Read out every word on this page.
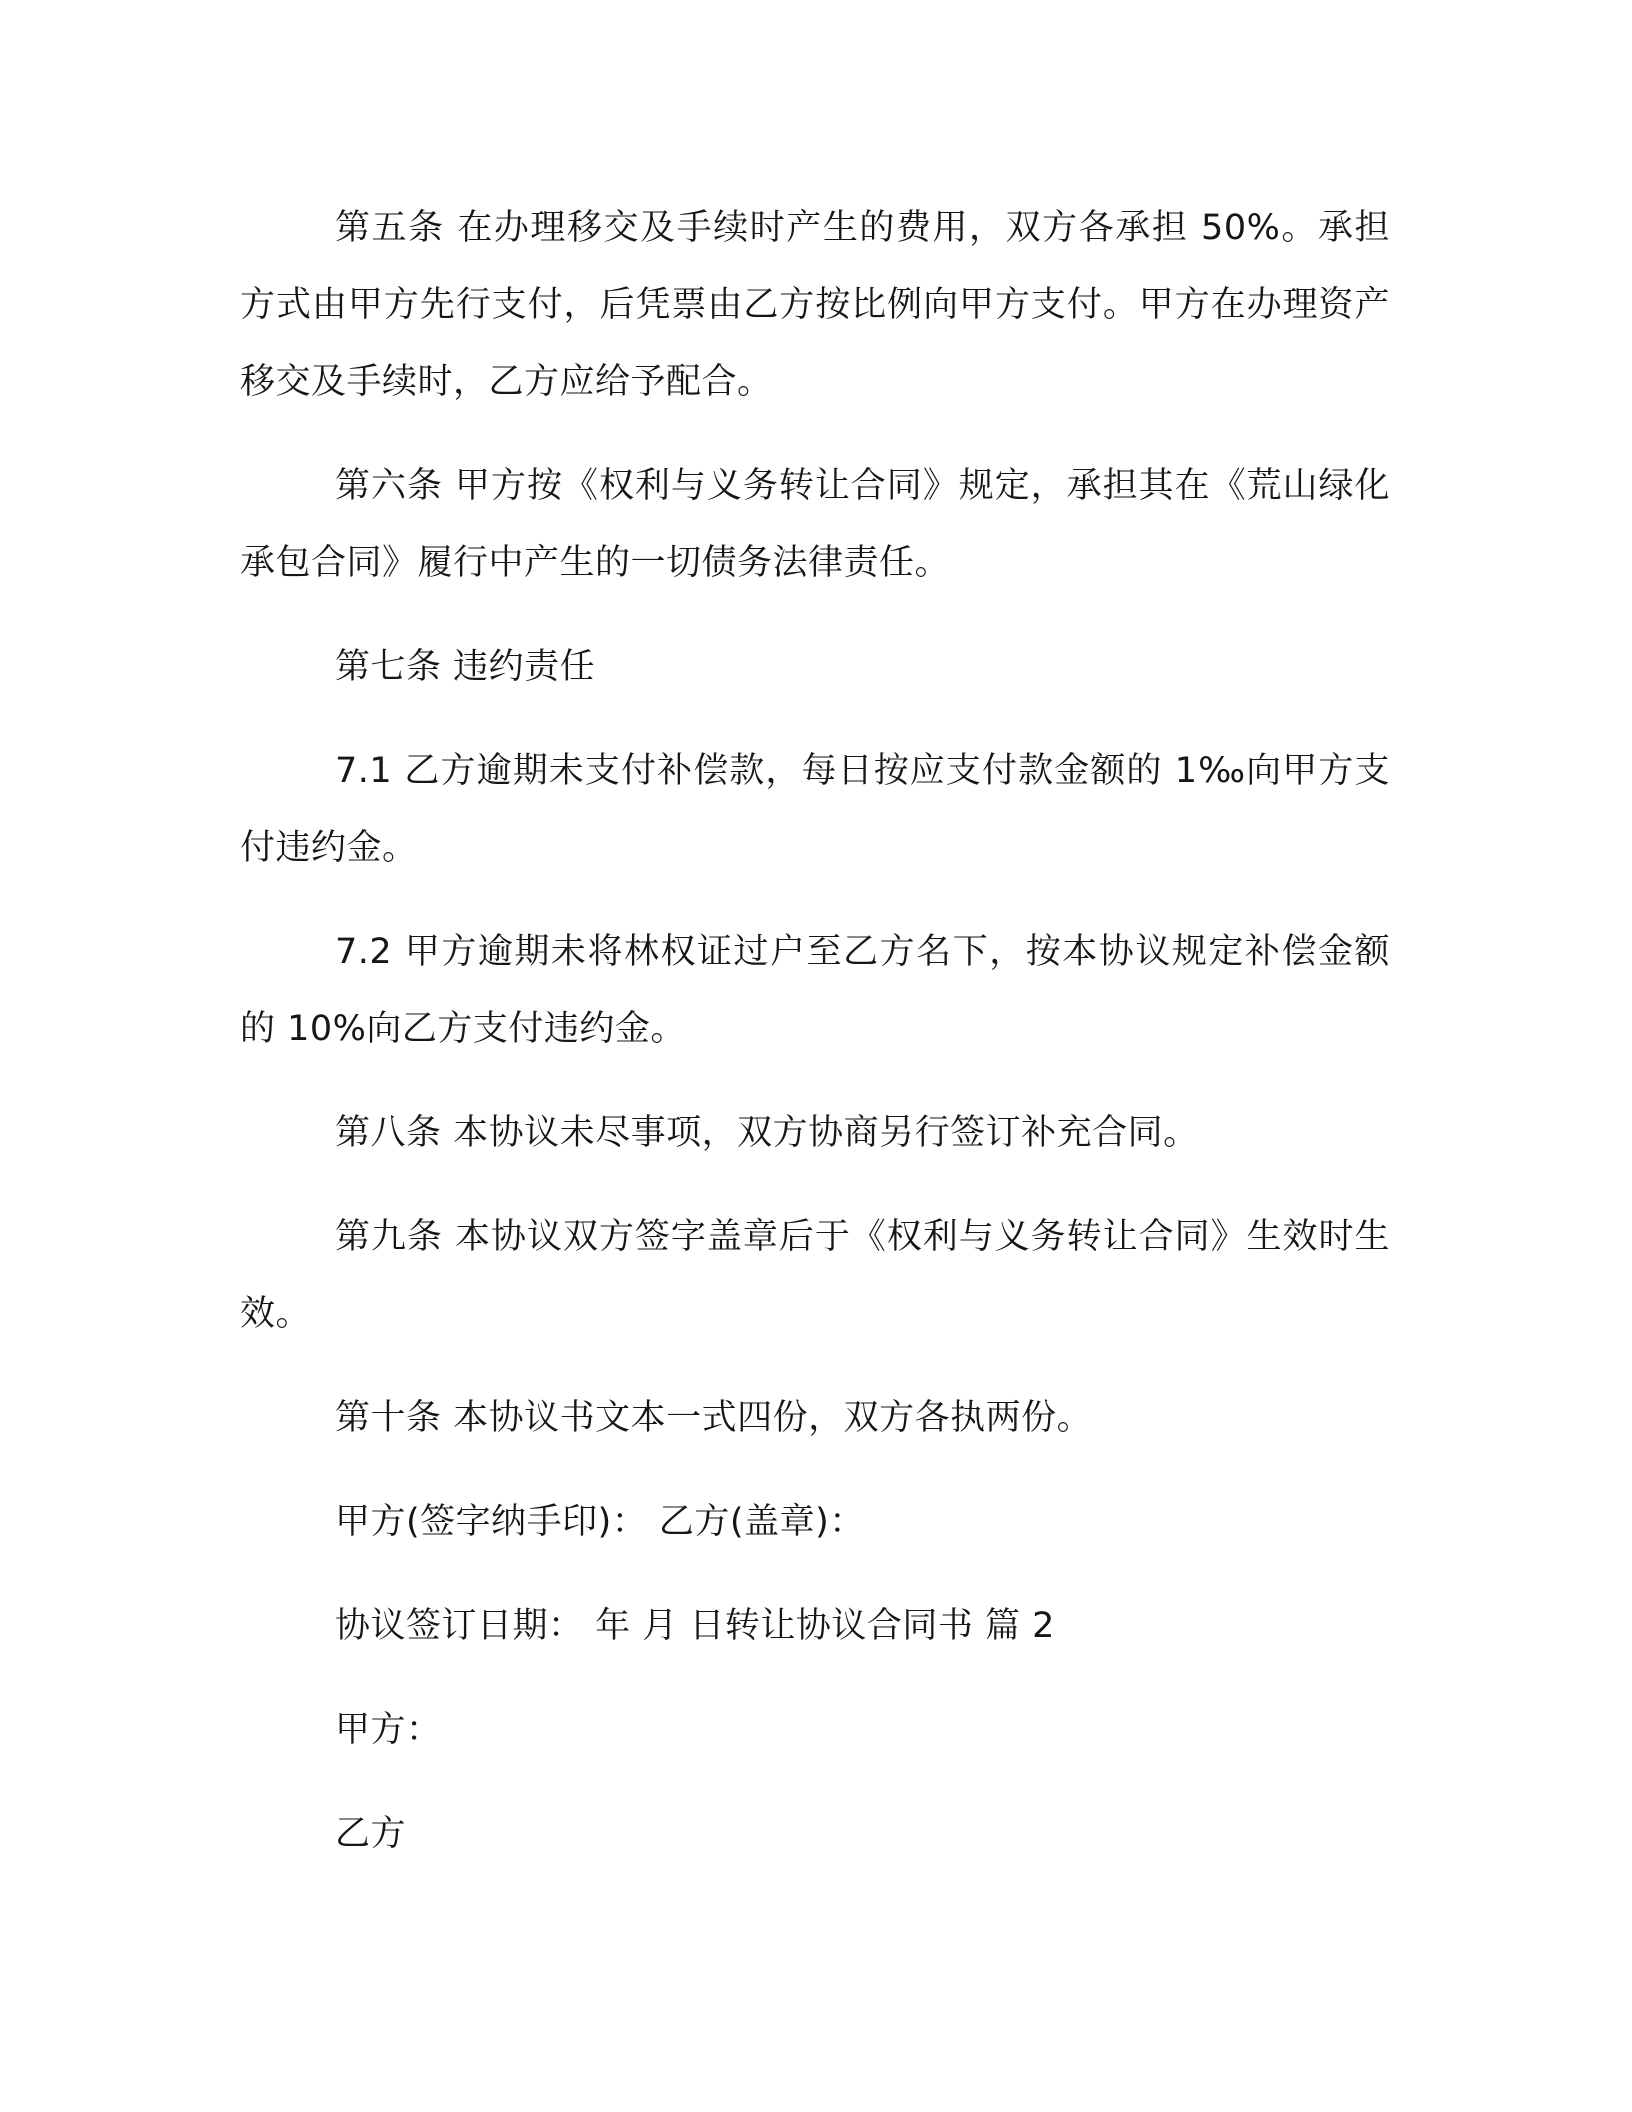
第五条 在办理移交及手续时产生的费用，双方各承担 50%。承担方式由甲方先行支付，后凭票由乙方按比例向甲方支付。甲方在办理资产移交及手续时，乙方应给予配合。

第六条 甲方按《权利与义务转让合同》规定，承担其在《荒山绿化承包合同》履行中产生的一切债务法律责任。

第七条 违约责任

7.1 乙方逾期未支付补偿款，每日按应支付款金额的 1‰向甲方支付违约金。

7.2 甲方逾期未将林权证过户至乙方名下，按本协议规定补偿金额的 10%向乙方支付违约金。

第八条 本协议未尽事项，双方协商另行签订补充合同。

第九条 本协议双方签字盖章后于《权利与义务转让合同》生效时生效。

第十条 本协议书文本一式四份，双方各执两份。

甲方(签字纳手印)： 乙方(盖章)：

协议签订日期： 年 月 日转让协议合同书 篇 2

甲方：

乙方
